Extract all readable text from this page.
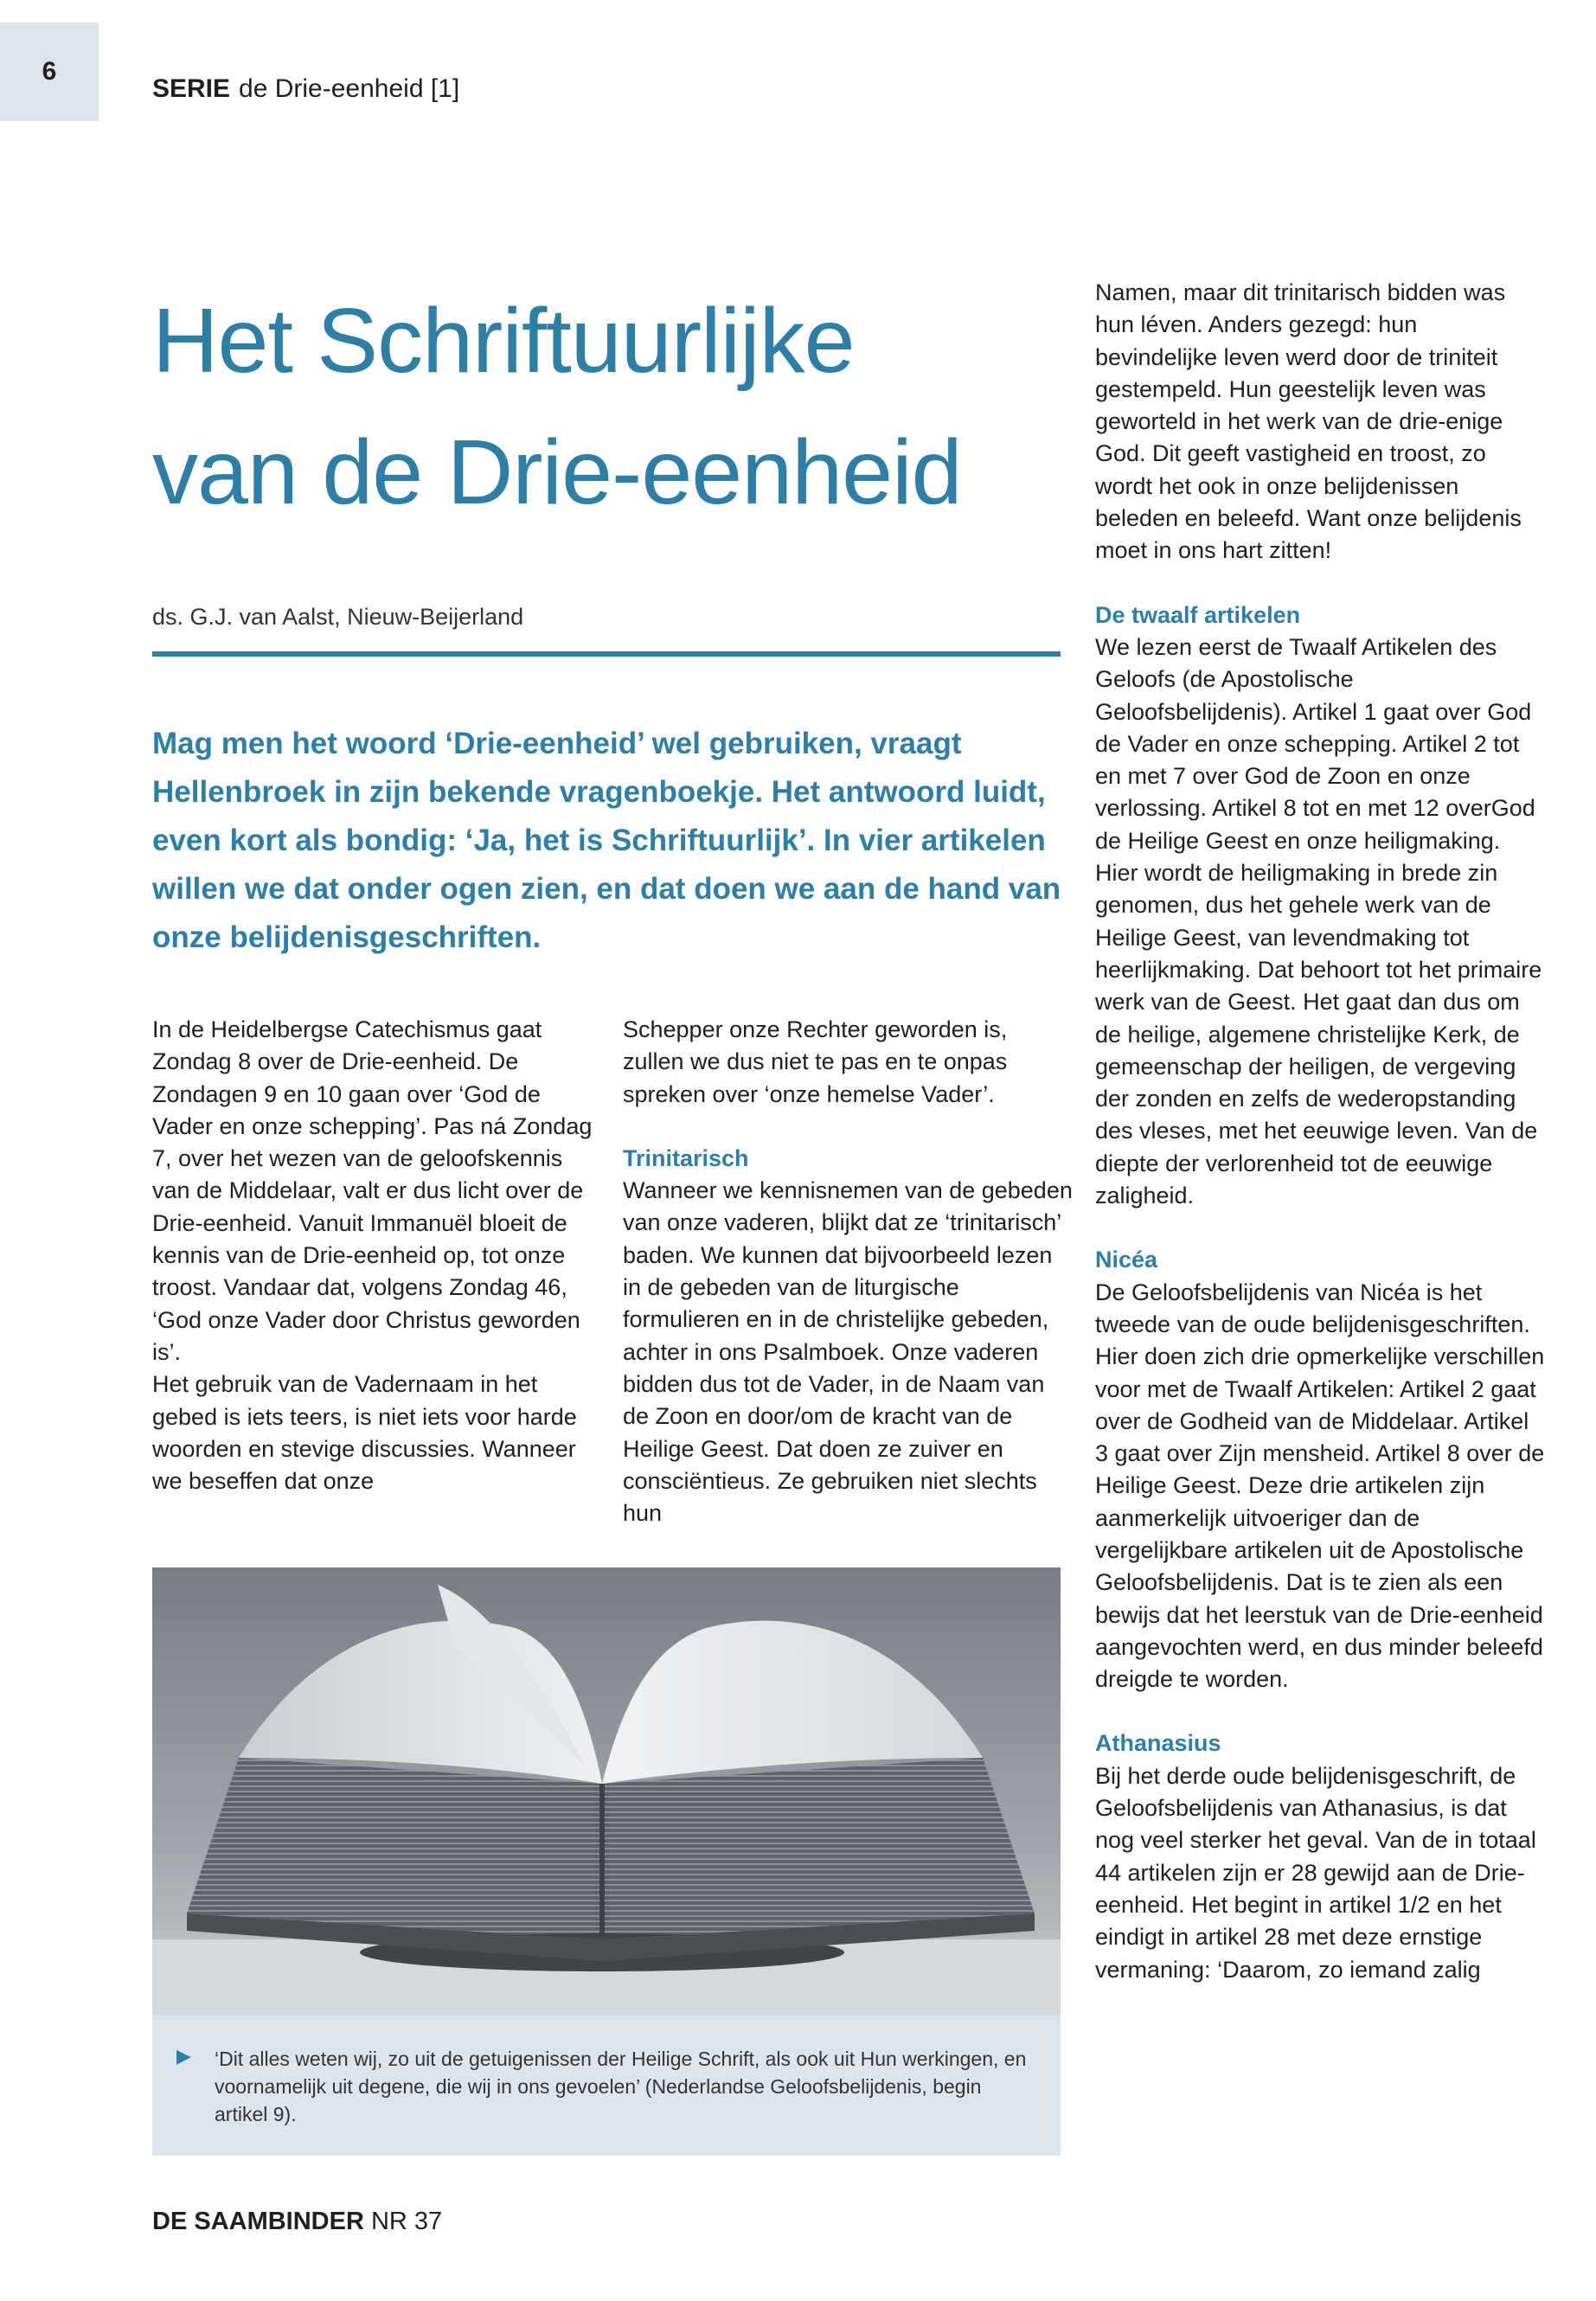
6
SERIE de Drie-eenheid [1]
Het Schriftuurlijke
van de Drie-eenheid
ds. G.J. van Aalst, Nieuw-Beijerland
Mag men het woord ‘Drie-eenheid’ wel gebruiken, vraagt Hellenbroek in zijn bekende vragenboekje. Het antwoord luidt, even kort als bondig: ‘Ja, het is Schriftuurlijk’. In vier artikelen willen we dat onder ogen zien, en dat doen we aan de hand van onze belijdenisgeschriften.

In de Heidelbergse Catechismus gaat Zondag 8 over de Drie-eenheid. De Zondagen 9 en 10 gaan over ‘God de Vader en onze schepping’. Pas ná Zondag 7, over het wezen van de geloofskennis van de Middelaar, valt er dus licht over de Drie-eenheid. Vanuit Immanuël bloeit de kennis van de Drie-eenheid op, tot onze troost. Vandaar dat, volgens Zondag 46, ‘God onze Vader door Christus geworden is’.

Het gebruik van de Vadernaam in het gebed is iets teers, is niet iets voor harde woorden en stevige discussies. Wanneer we beseffen dat onze

Schepper onze Rechter geworden is, zullen we dus niet te pas en te onpas spreken over ‘onze hemelse Vader’.

Trinitarisch

Wanneer we kennisnemen van de gebeden van onze vaderen, blijkt dat ze ‘trinitarisch’ baden. We kunnen dat bijvoorbeeld lezen in de gebeden van de liturgische formulieren en in de christelijke gebeden, achter in ons Psalmboek. Onze vaderen bidden dus tot de Vader, in de Naam van de Zoon en door/om de kracht van de Heilige Geest. Dat doen ze zuiver en consciëntieus. Ze gebruiken niet slechts hun

Namen, maar dit trinitarisch bidden was hun léven. Anders gezegd: hun bevindelijke leven werd door de triniteit gestempeld. Hun geestelijk leven was geworteld in het werk van de drie-enige God. Dit geeft vastigheid en troost, zo wordt het ook in onze belijdenissen beleden en beleefd. Want onze belijdenis moet in ons hart zitten!

De twaalf artikelen

We lezen eerst de Twaalf Artikelen des Geloofs (de Apostolische Geloofsbelijdenis). Artikel 1 gaat over God de Vader en onze schepping. Artikel 2 tot en met 7 over God de Zoon en onze verlossing. Artikel 8 tot en met 12 overGod de Heilige Geest en onze heiligmaking. Hier wordt de heiligmaking in brede zin genomen, dus het gehele werk van de Heilige Geest, van levendmaking tot heerlijkmaking. Dat behoort tot het primaire werk van de Geest. Het gaat dan dus om de heilige, algemene christelijke Kerk, de gemeenschap der heiligen, de vergeving der zonden en zelfs de wederopstanding des vleses, met het eeuwige leven. Van de diepte der verlorenheid tot de eeuwige zaligheid.

Nicéa

De Geloofsbelijdenis van Nicéa is het tweede van de oude belijdenisgeschriften. Hier doen zich drie opmerkelijke verschillen voor met de Twaalf Artikelen: Artikel 2 gaat over de Godheid van de Middelaar. Artikel 3 gaat over Zijn mensheid. Artikel 8 over de Heilige Geest. Deze drie artikelen zijn aanmerkelijk uitvoeriger dan de vergelijkbare artikelen uit de Apostolische Geloofsbelijdenis. Dat is te zien als een bewijs dat het leerstuk van de Drie-eenheid aangevochten werd, en dus minder beleefd dreigde te worden.

Athanasius

Bij het derde oude belijdenisgeschrift, de Geloofsbelijdenis van Athanasius, is dat nog veel sterker het geval. Van de in totaal 44 artikelen zijn er 28 gewijd aan de Drie-eenheid. Het begint in artikel 1/2 en het eindigt in artikel 28 met deze ernstige vermaning: ‘Daarom, zo iemand zalig

▶ ‘Dit alles weten wij, zo uit de getuigenissen der Heilige Schrift, als ook uit Hun werkingen, en voornamelijk uit degene, die wij in ons gevoelen’ (Nederlandse Geloofsbelijdenis, begin artikel 9).
DE SAAMBINDER NR 37
